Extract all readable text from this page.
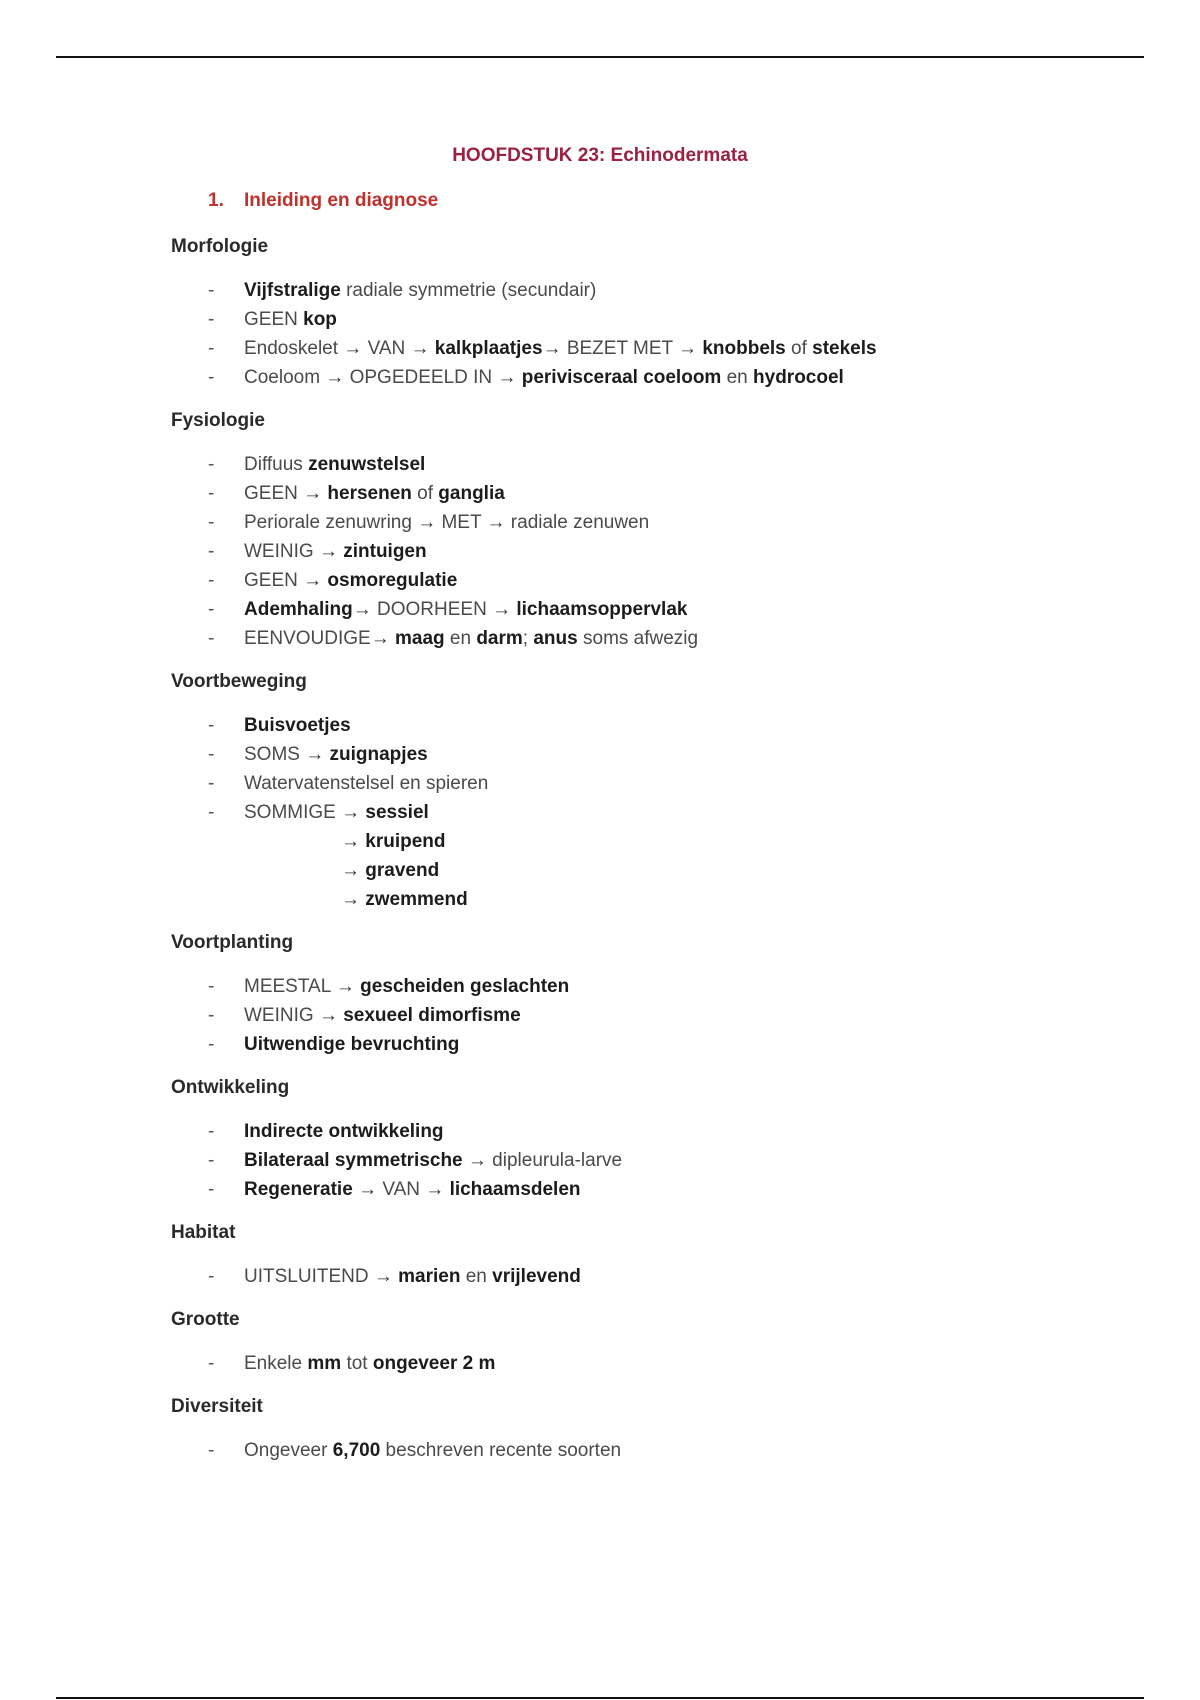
HOOFDSTUK 23: Echinodermata
1. Inleiding en diagnose
Morfologie
- Vijfstralige radiale symmetrie (secundair)
- GEEN kop
- Endoskelet → VAN → kalkplaatjes→ BEZET MET → knobbels of stekels
- Coeloom → OPGEDEELD IN → periviscerаal coeloom en hydrocoel
Fysiologie
- Diffuus zenuwstelsel
- GEEN → hersenen of ganglia
- Periorale zenuwring → MET → radiale zenuwen
- WEINIG → zintuigen
- GEEN → osmoregulatie
- Ademhaling→ DOORHEEN → lichaamsoppervlak
- EENVOUDIGE→ maag en darm; anus soms afwezig
Voortbeweging
- Buisvoetjes
- SOMS → zuignapjes
- Watervatenstelsel en spieren
- SOMMIGE → sessiel
→ kruipend
→ gravend
→ zwemmend
Voortplanting
- MEESTAL → gescheiden geslachten
- WEINIG → sexueel dimorfisme
- Uitwendige bevruchting
Ontwikkeling
- Indirecte ontwikkeling
- Bilateraal symmetrische → dipleurula-larve
- Regeneratie → VAN → lichaamsdelen
Habitat
- UITSLUITEND → marien en vrijlevend
Grootte
- Enkele mm tot ongeveer 2 m
Diversiteit
- Ongeveer 6,700 beschreven recente soorten
